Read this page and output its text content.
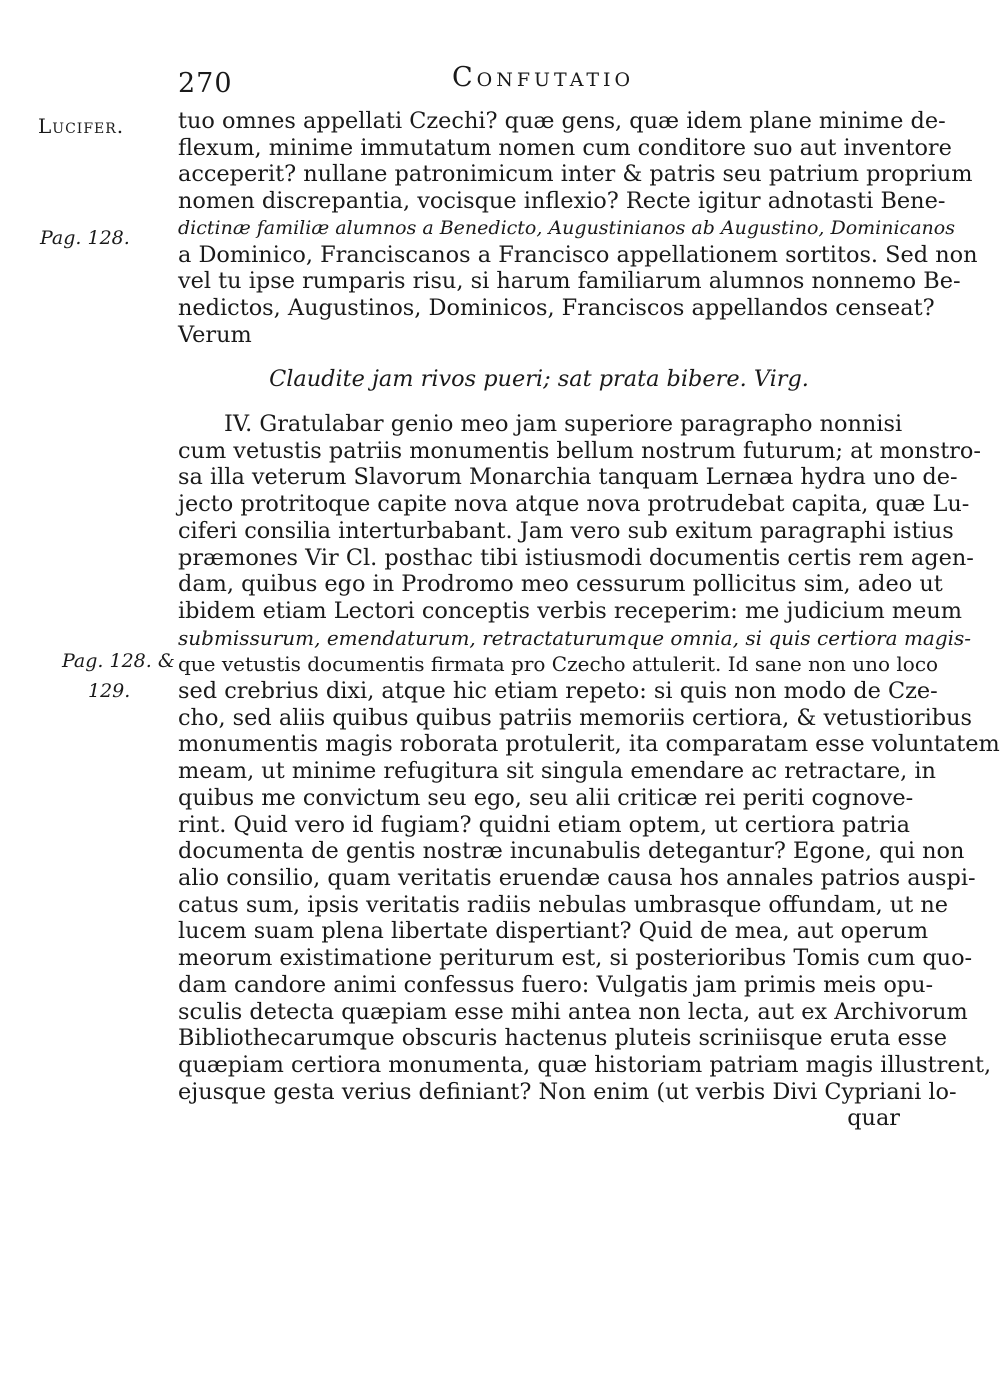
270	Confutatio
Lucifer.
Pag. 128.
Pag. 128. &
129.
tuo omnes appellati Czechi? quæ gens, quæ idem plane minime de-
flexum, minime immutatum nomen cum conditore suo aut inventore
acceperit? nullane patronimicum inter & patris seu patrium proprium
nomen discrepantia, vocisque inflexio? Recte igitur adnotasti Bene-
dictinæ familiæ alumnos a Benedicto, Augustinianos ab Augustino, Dominicanos
a Dominico, Franciscanos a Francisco appellationem sortitos. Sed non
vel tu ipse rumparis risu, si harum familiarum alumnos nonnemo Be-
nedictos, Augustinos, Dominicos, Franciscos appellandos censeat?
Verum
Claudite jam rivos pueri; sat prata bibere. Virg.
IV. Gratulabar genio meo jam superiore paragrapho nonnisi
cum vetustis patriis monumentis bellum nostrum futurum; at monstro-
sa illa veterum Slavorum Monarchia tanquam Lernæa hydra uno de-
jecto protritoque capite nova atque nova protrudebat capita, quæ Lu-
ciferi consilia interturbabant. Jam vero sub exitum paragraphi istius
præmones Vir Cl. posthac tibi istiusmodi documentis certis rem agen-
dam, quibus ego in Prodromo meo cessurum pollicitus sim, adeo ut
ibidem etiam Lectori conceptis verbis receperim: me judicium meum
submissurum, emendaturum, retractaturumque omnia, si quis certiora magis-
que vetustis documentis firmata pro Czecho attulerit. Id sane non uno loco
sed crebrius dixi, atque hic etiam repeto: si quis non modo de Cze-
cho, sed aliis quibus quibus patriis memoriis certiora, & vetustioribus
monumentis magis roborata protulerit, ita comparatam esse voluntatem
meam, ut minime refugitura sit singula emendare ac retractare, in
quibus me convictum seu ego, seu alii criticæ rei periti cognove-
rint. Quid vero id fugiam? quidni etiam optem, ut certiora patria
documenta de gentis nostræ incunabulis detegantur? Egone, qui non
alio consilio, quam veritatis eruendæ causa hos annales patrios auspi-
catus sum, ipsis veritatis radiis nebulas umbrasque offundam, ut ne
lucem suam plena libertate dispertiant? Quid de mea, aut operum
meorum existimatione periturum est, si posterioribus Tomis cum quo-
dam candore animi confessus fuero: Vulgatis jam primis meis opu-
sculis detecta quæpiam esse mihi antea non lecta, aut ex Archivorum
Bibliothecarumque obscuris hactenus pluteis scriniisque eruta esse
quæpiam certiora monumenta, quæ historiam patriam magis illustrent,
ejusque gesta verius definiant? Non enim (ut verbis Divi Cypriani lo-
quar
